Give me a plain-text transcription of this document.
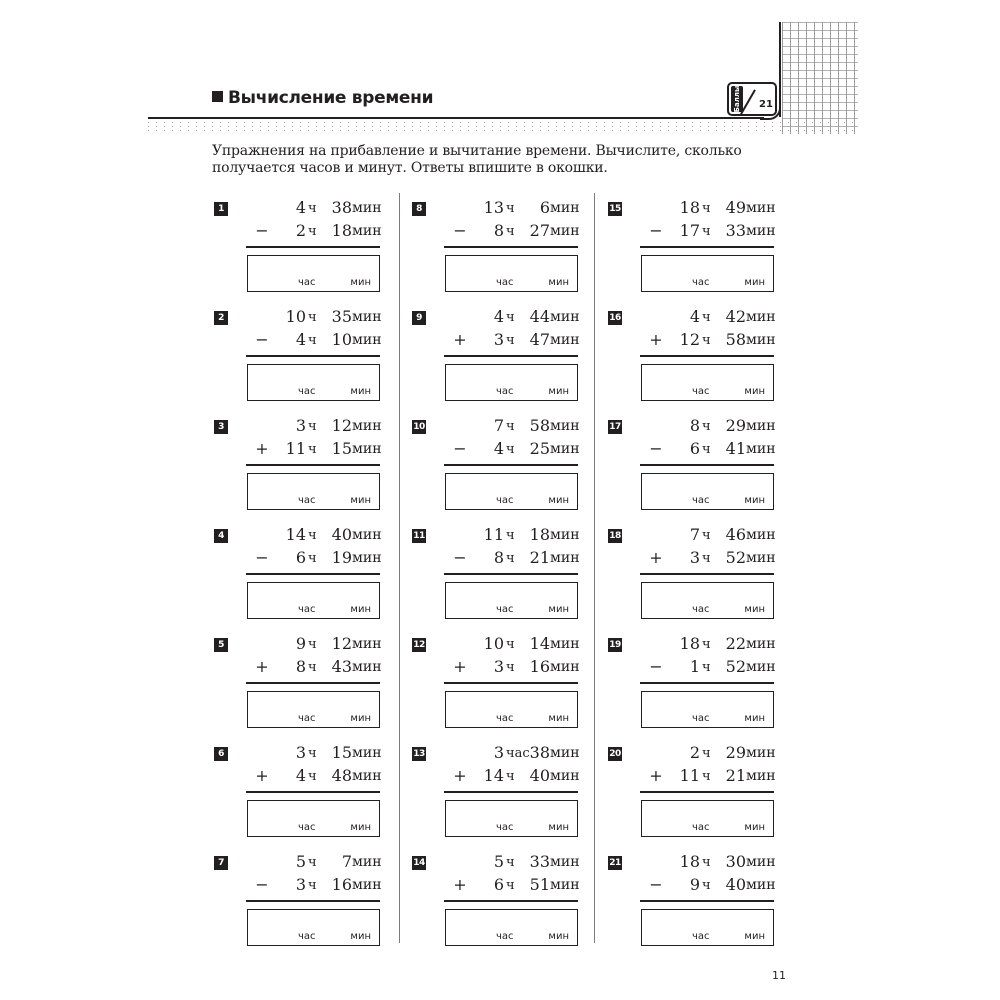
Вычисление времени	Баллы 21
Упражнения на прибавление и вычитание времени. Вычислите, сколько получается часов и минут. Ответы впишите в окошки.
1	4 ч 38 мин
− 2 ч 18 мин
час	мин
2	10 ч 35 мин
− 4 ч 10 мин
час	мин
3	3 ч 12 мин
+ 11 ч 15 мин
час	мин
4	14 ч 40 мин
− 6 ч 19 мин
час	мин
5	9 ч 12 мин
+ 8 ч 43 мин
час	мин
6	3 ч 15 мин
+ 4 ч 48 мин
час	мин
7	5 ч 7 мин
− 3 ч 16 мин
час	мин
8	13 ч 6 мин
− 8 ч 27 мин
час	мин
9	4 ч 44 мин
+ 3 ч 47 мин
час	мин
10	7 ч 58 мин
− 4 ч 25 мин
час	мин
11	11 ч 18 мин
− 8 ч 21 мин
час	мин
12	10 ч 14 мин
+ 3 ч 16 мин
час	мин
13	3 час 38 мин
+ 14 ч 40 мин
час	мин
14	5 ч 33 мин
+ 6 ч 51 мин
час	мин
15	18 ч 49 мин
− 17 ч 33 мин
час	мин
16	4 ч 42 мин
+ 12 ч 58 мин
час	мин
17	8 ч 29 мин
− 6 ч 41 мин
час	мин
18	7 ч 46 мин
+ 3 ч 52 мин
час	мин
19	18 ч 22 мин
− 1 ч 52 мин
час	мин
20	2 ч 29 мин
+ 11 ч 21 мин
час	мин
21	18 ч 30 мин
− 9 ч 40 мин
час	мин
11
